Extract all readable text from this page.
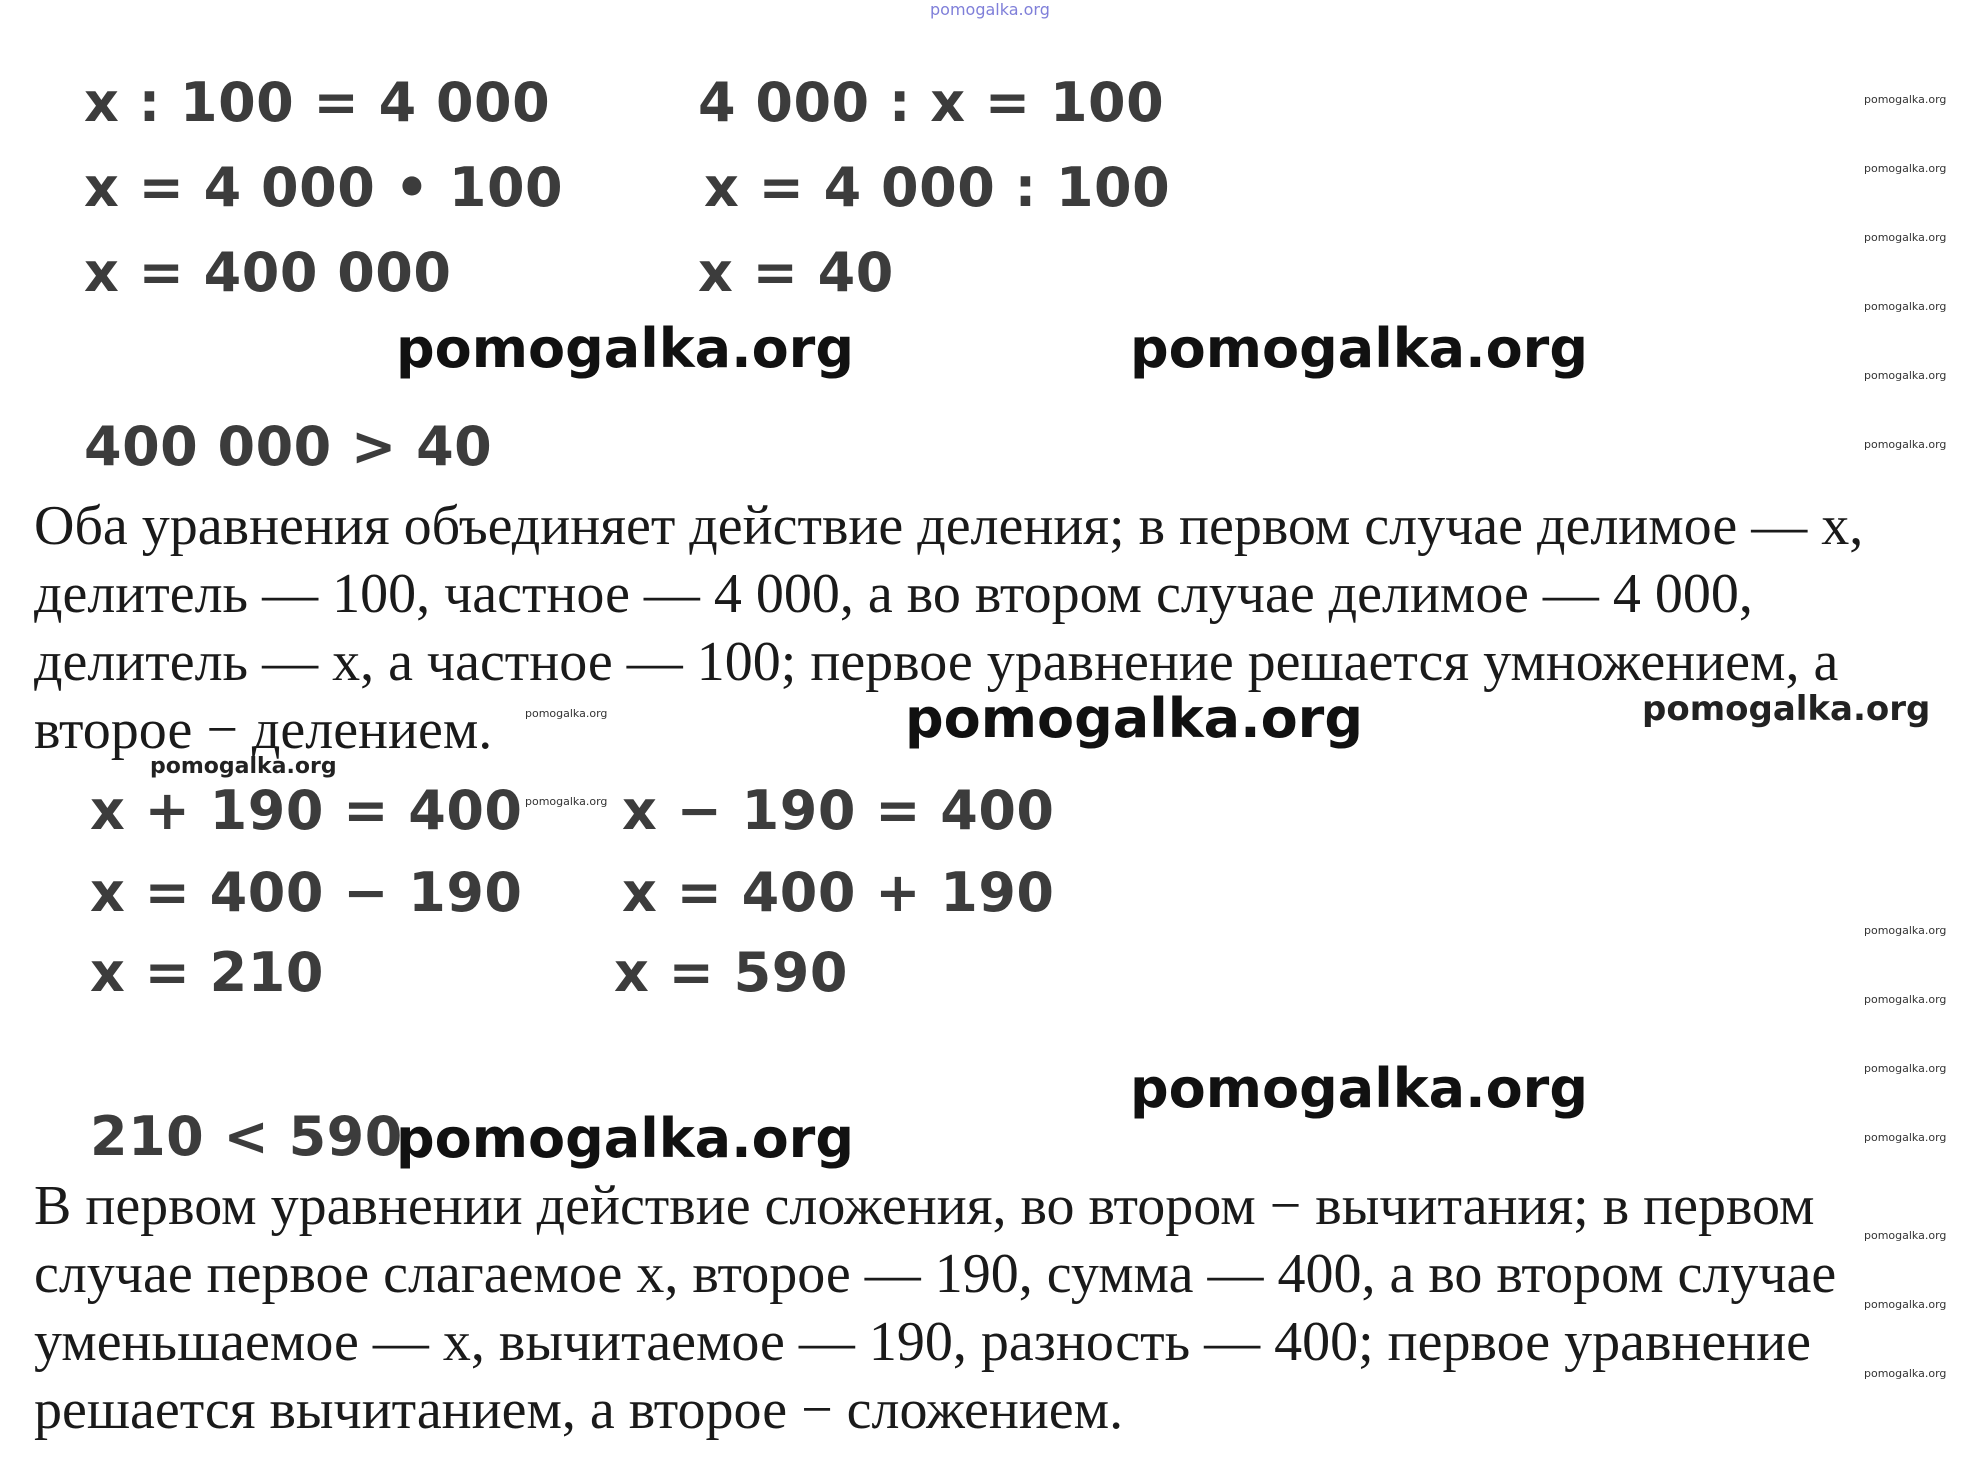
pomogalka.org
x : 100 = 4 000
x = 4 000 • 100
x = 400 000
4 000 : x = 100
x = 4 000 : 100
x = 40
400 000 > 40

Оба уравнения объединяет действие деления; в первом случае делимое — x, делитель — 100, частное — 4 000, а во втором случае делимое — 4 000, делитель — x, а частное — 100; первое уравнение решается умножением, а второе − делением.

x + 190 = 400
x = 400 − 190
x = 210
x − 190 = 400
x = 400 + 190
x = 590
210 < 590

В первом уравнении действие сложения, во втором − вычитания; в первом случае первое слагаемое x, второе — 190, сумма — 400, а во втором случае уменьшаемое — x, вычитаемое — 190, разность — 400; первое уравнение решается вычитанием, а второе − сложением.

pomogalka.org	pomogalka.org
pomogalka.org
pomogalka.org
pomogalka.org
pomogalka.org
pomogalka.org
pomogalka.org
pomogalka.org
pomogalka.org
pomogalka.org
pomogalka.org
pomogalka.org
pomogalka.org
pomogalka.org
pomogalka.org
pomogalka.org
pomogalka.org
pomogalka.org
pomogalka.org
pomogalka.org
pomogalka.org
